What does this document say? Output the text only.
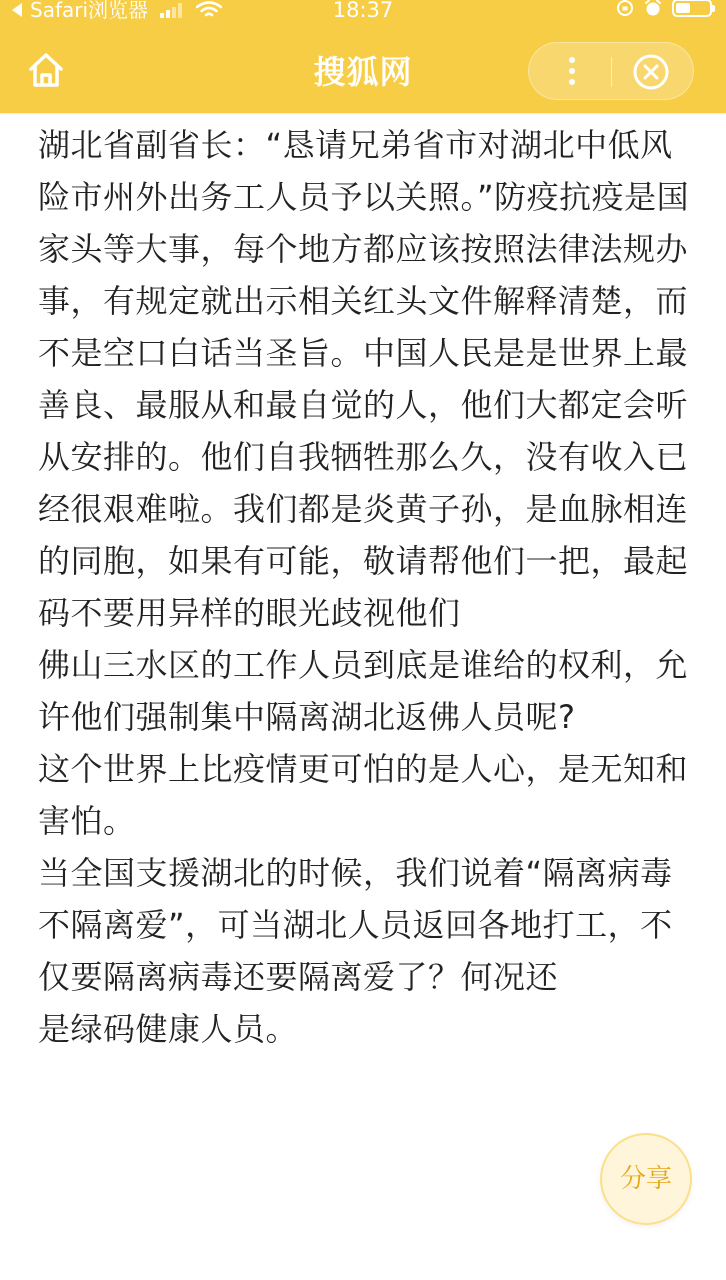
Safari浏览器	18:37
搜狐网

湖北省副省长：“恳请兄弟省市对湖北中低风险市州外出务工人员予以关照。”防疫抗疫是国家头等大事，每个地方都应该按照法律法规办事，有规定就出示相关红头文件解释清楚，而不是空口白话当圣旨。中国人民是是世界上最善良、最服从和最自觉的人，他们大都定会听从安排的。他们自我牺牲那么久，没有收入已经很艰难啦。我们都是炎黄子孙，是血脉相连的同胞，如果有可能，敬请帮他们一把，最起码不要用异样的眼光歧视他们

佛山三水区的工作人员到底是谁给的权利，允许他们强制集中隔离湖北返佛人员呢?

这个世界上比疫情更可怕的是人心，是无知和害怕。

当全国支援湖北的时候，我们说着“隔离病毒不隔离爱”，可当湖北人员返回各地打工，不仅要隔离病毒还要隔离爱了？何况还

是绿码健康人员。

分享
